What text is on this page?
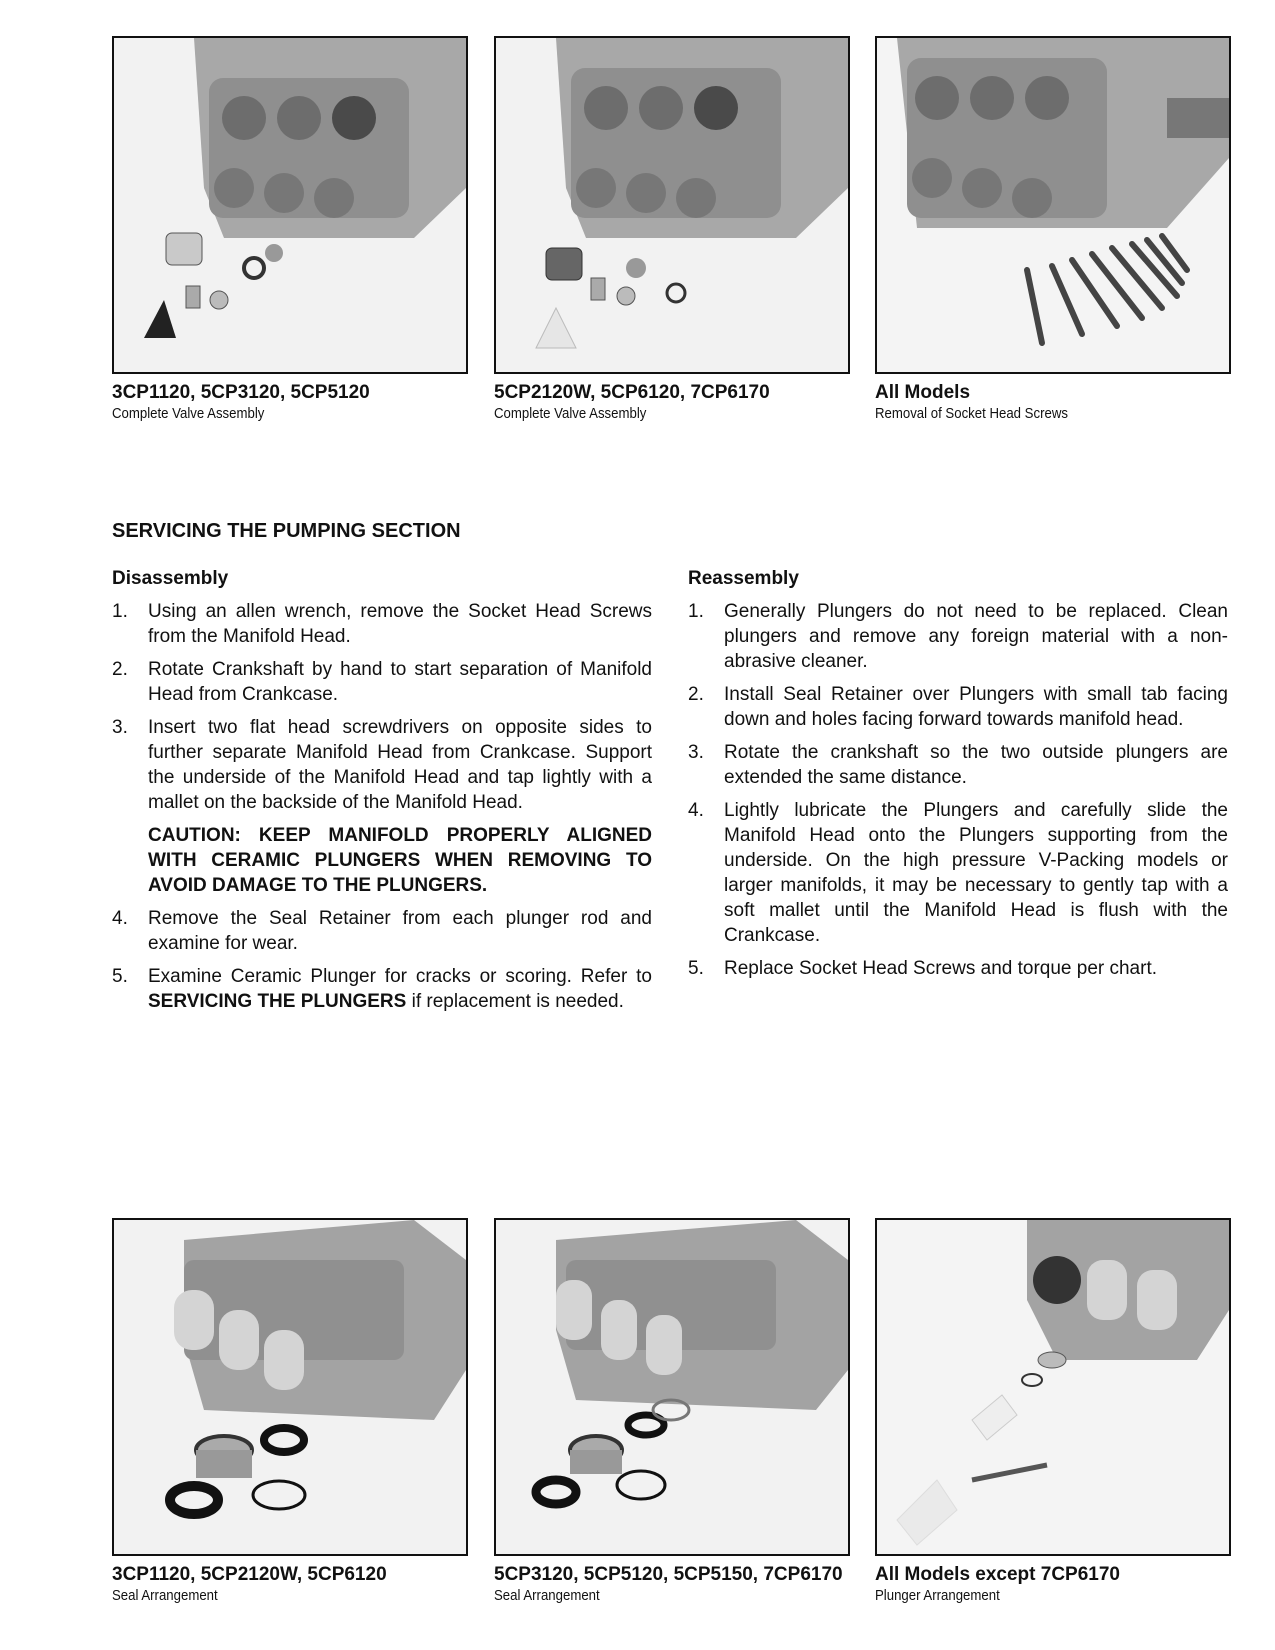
3CP1120, 5CP3120, 5CP5120
Complete Valve Assembly
5CP2120W, 5CP6120, 7CP6170
Complete Valve Assembly
All Models
Removal of Socket Head Screws
SERVICING THE PUMPING SECTION
Disassembly
1. Using an allen wrench, remove the Socket Head Screws from the Manifold Head.
2. Rotate Crankshaft by hand to start separation of Manifold Head from Crankcase.
3. Insert two flat head screwdrivers on opposite sides to further separate Manifold Head from Crankcase. Support the underside of the Manifold Head and tap lightly with a mallet on the backside of the Manifold Head.

CAUTION: KEEP MANIFOLD PROPERLY ALIGNED WITH CERAMIC PLUNGERS WHEN REMOVING TO AVOID DAMAGE TO THE PLUNGERS.

4. Remove the Seal Retainer from each plunger rod and examine for wear.
5. Examine Ceramic Plunger for cracks or scoring. Refer to SERVICING THE PLUNGERS if replacement is needed.
Reassembly
1. Generally Plungers do not need to be replaced. Clean plungers and remove any foreign material with a non-abrasive cleaner.
2. Install Seal Retainer over Plungers with small tab facing down and holes facing forward towards manifold head.
3. Rotate the crankshaft so the two outside plungers are extended the same distance.
4. Lightly lubricate the Plungers and carefully slide the Manifold Head onto the Plungers supporting from the underside. On the high pressure V-Packing models or larger manifolds, it may be necessary to gently tap with a soft mallet until the Manifold Head is flush with the Crankcase.
5. Replace Socket Head Screws and torque per chart.
3CP1120, 5CP2120W, 5CP6120
Seal Arrangement
5CP3120, 5CP5120, 5CP5150, 7CP6170
Seal Arrangement
All Models except 7CP6170
Plunger Arrangement
